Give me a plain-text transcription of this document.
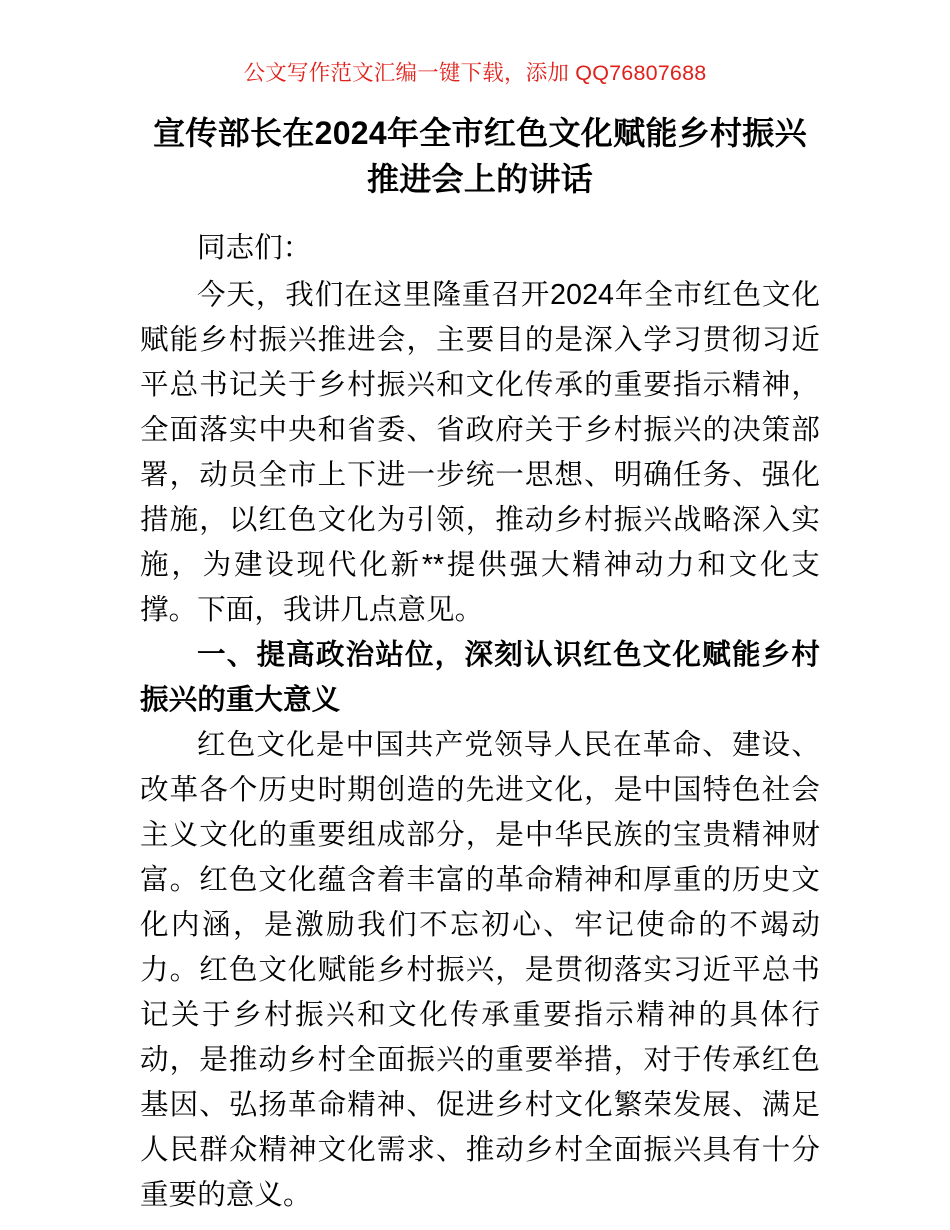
公文写作范文汇编一键下载，添加 QQ76807688
宣传部长在2024年全市红色文化赋能乡村振兴推进会上的讲话

同志们：

今天，我们在这里隆重召开2024年全市红色文化赋能乡村振兴推进会，主要目的是深入学习贯彻习近平总书记关于乡村振兴和文化传承的重要指示精神，全面落实中央和省委、省政府关于乡村振兴的决策部署，动员全市上下进一步统一思想、明确任务、强化措施，以红色文化为引领，推动乡村振兴战略深入实施，为建设现代化新**提供强大精神动力和文化支撑。下面，我讲几点意见。

一、提高政治站位，深刻认识红色文化赋能乡村振兴的重大意义

红色文化是中国共产党领导人民在革命、建设、改革各个历史时期创造的先进文化，是中国特色社会主义文化的重要组成部分，是中华民族的宝贵精神财富。红色文化蕴含着丰富的革命精神和厚重的历史文化内涵，是激励我们不忘初心、牢记使命的不竭动力。红色文化赋能乡村振兴，是贯彻落实习近平总书记关于乡村振兴和文化传承重要指示精神的具体行动，是推动乡村全面振兴的重要举措，对于传承红色基因、弘扬革命精神、促进乡村文化繁荣发展、满足人民群众精神文化需求、推动乡村全面振兴具有十分重要的意义。
